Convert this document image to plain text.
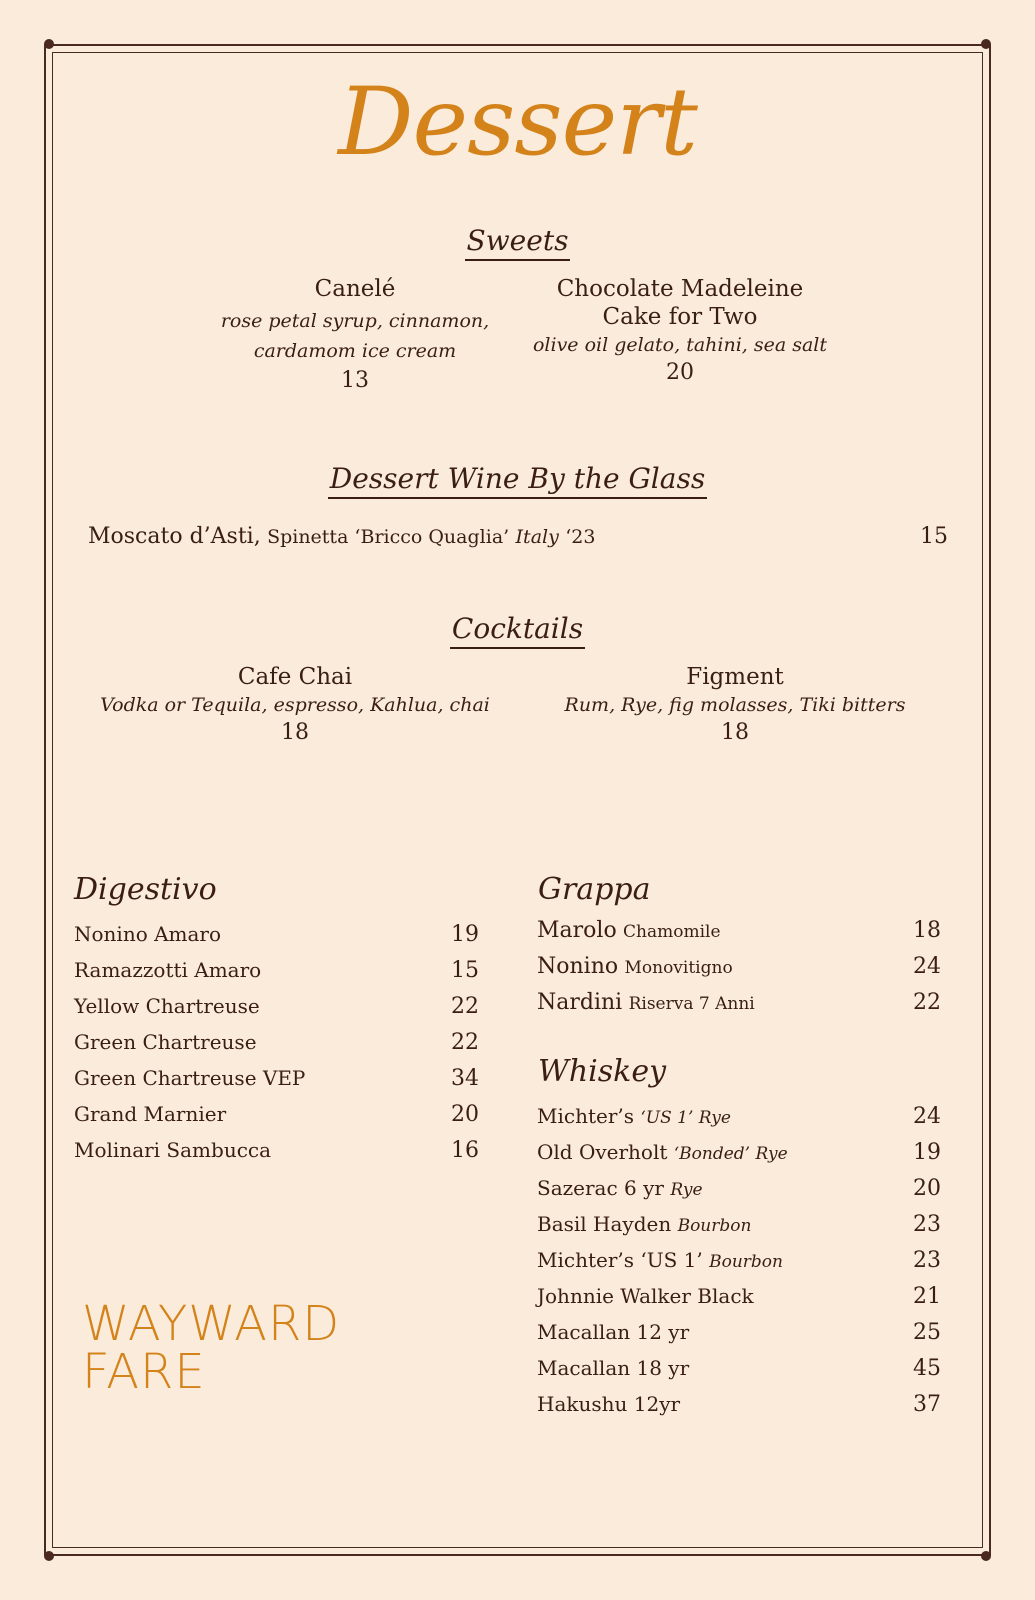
Dessert
Sweets
Canelé
rose petal syrup, cinnamon,
cardamom ice cream
13
Chocolate Madeleine
Cake for Two
olive oil gelato, tahini, sea salt
20
Dessert Wine By the Glass
Moscato d’Asti, Spinetta ‘Bricco Quaglia’ Italy ‘23	15
Cocktails
Cafe Chai
Vodka or Tequila, espresso, Kahlua, chai
18
Figment
Rum, Rye, fig molasses, Tiki bitters
18
Digestivo
Nonino Amaro	19
Ramazzotti Amaro	15
Yellow Chartreuse	22
Green Chartreuse	22
Green Chartreuse VEP	34
Grand Marnier	20
Molinari Sambucca	16
Grappa
Marolo Chamomile	18
Nonino Monovitigno	24
Nardini Riserva 7 Anni	22
Whiskey
Michter’s ‘US 1’ Rye	24
Old Overholt ‘Bonded’ Rye	19
Sazerac 6 yr Rye	20
Basil Hayden Bourbon	23
Michter’s ‘US 1’ Bourbon	23
Johnnie Walker Black	21
Macallan 12 yr	25
Macallan 18 yr	45
Hakushu 12yr	37
WAYWARD
FARE
